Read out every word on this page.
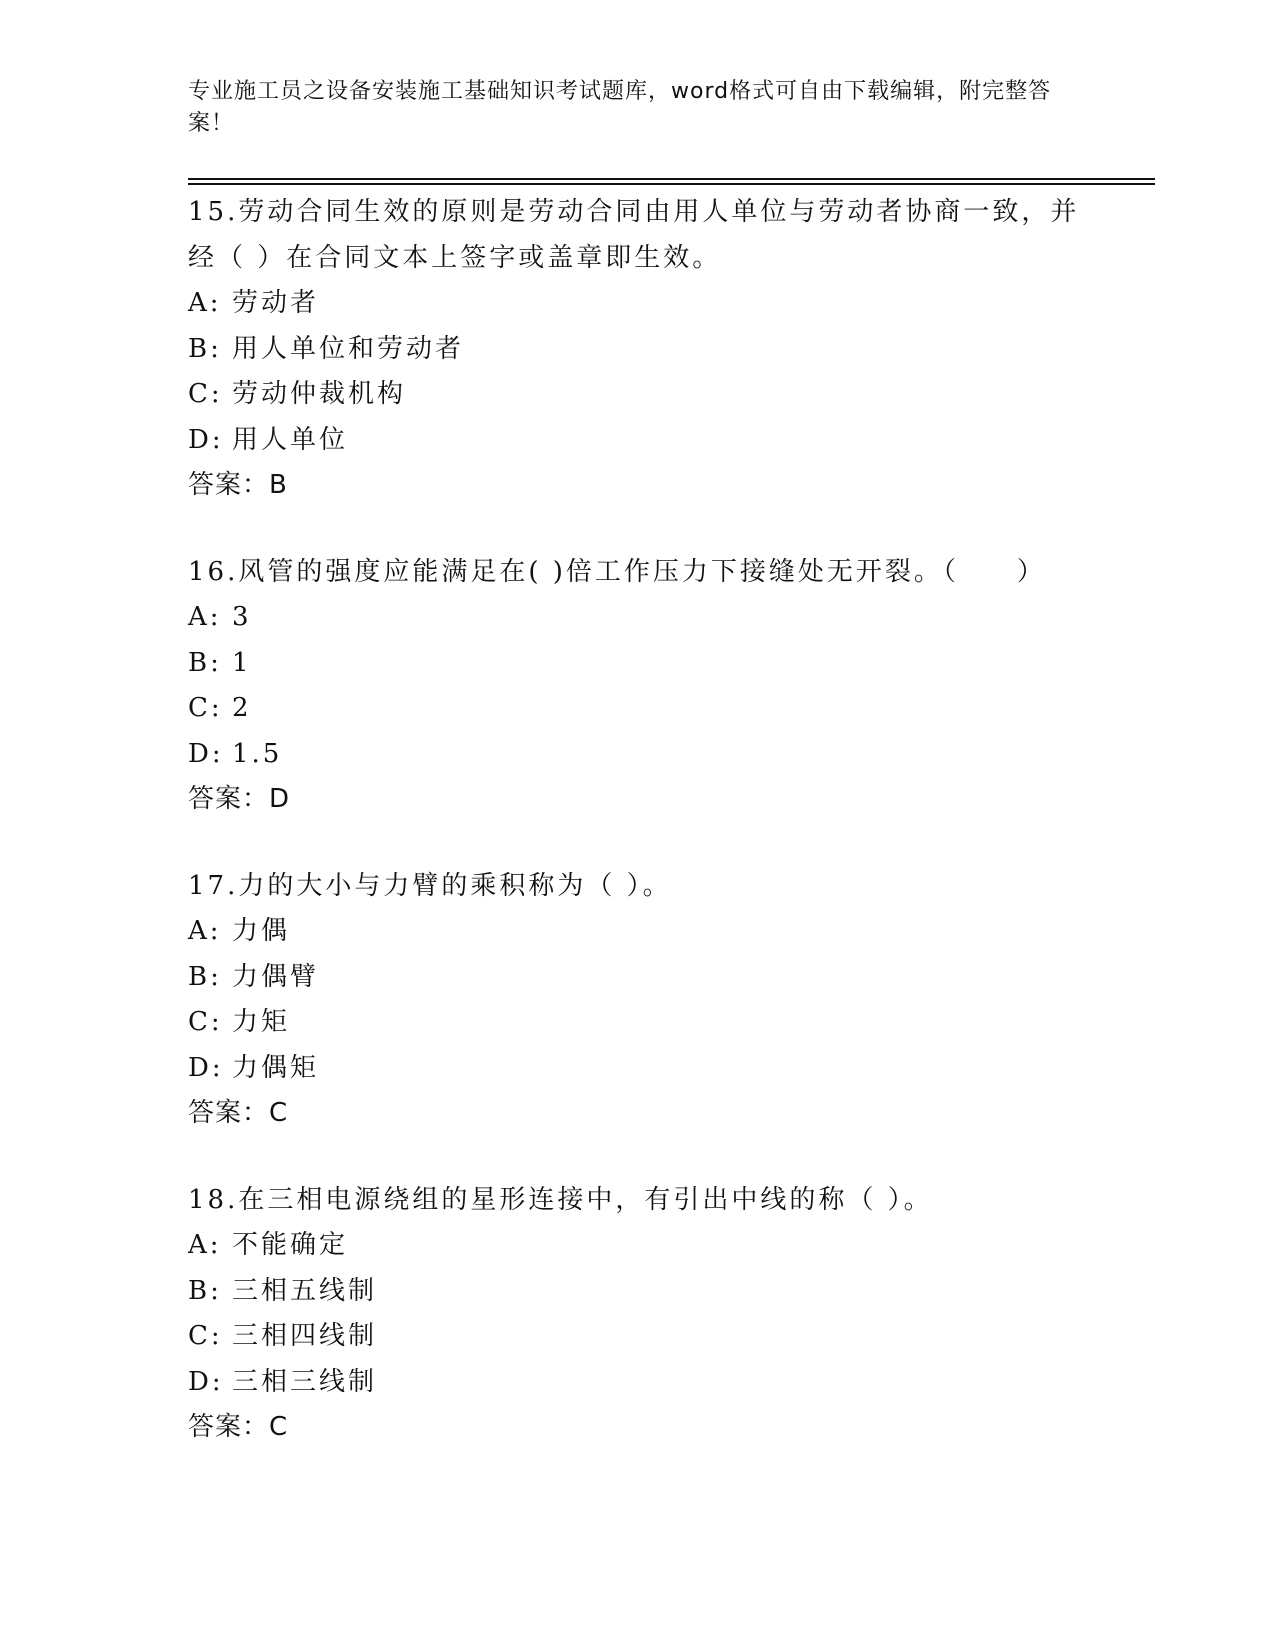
专业施工员之设备安装施工基础知识考试题库，word格式可自由下载编辑，附完整答案！
15.劳动合同生效的原则是劳动合同由用人单位与劳动者协商一致，并经（ ）在合同文本上签字或盖章即生效。
A: 劳动者
B: 用人单位和劳动者
C: 劳动仲裁机构
D: 用人单位
答案：B
16.风管的强度应能满足在( )倍工作压力下接缝处无开裂。（　　）
A: 3
B: 1
C: 2
D: 1.5
答案：D
17.力的大小与力臂的乘积称为（ ）。
A: 力偶
B: 力偶臂
C: 力矩
D: 力偶矩
答案：C
18.在三相电源绕组的星形连接中，有引出中线的称（ ）。
A: 不能确定
B: 三相五线制
C: 三相四线制
D: 三相三线制
答案：C
